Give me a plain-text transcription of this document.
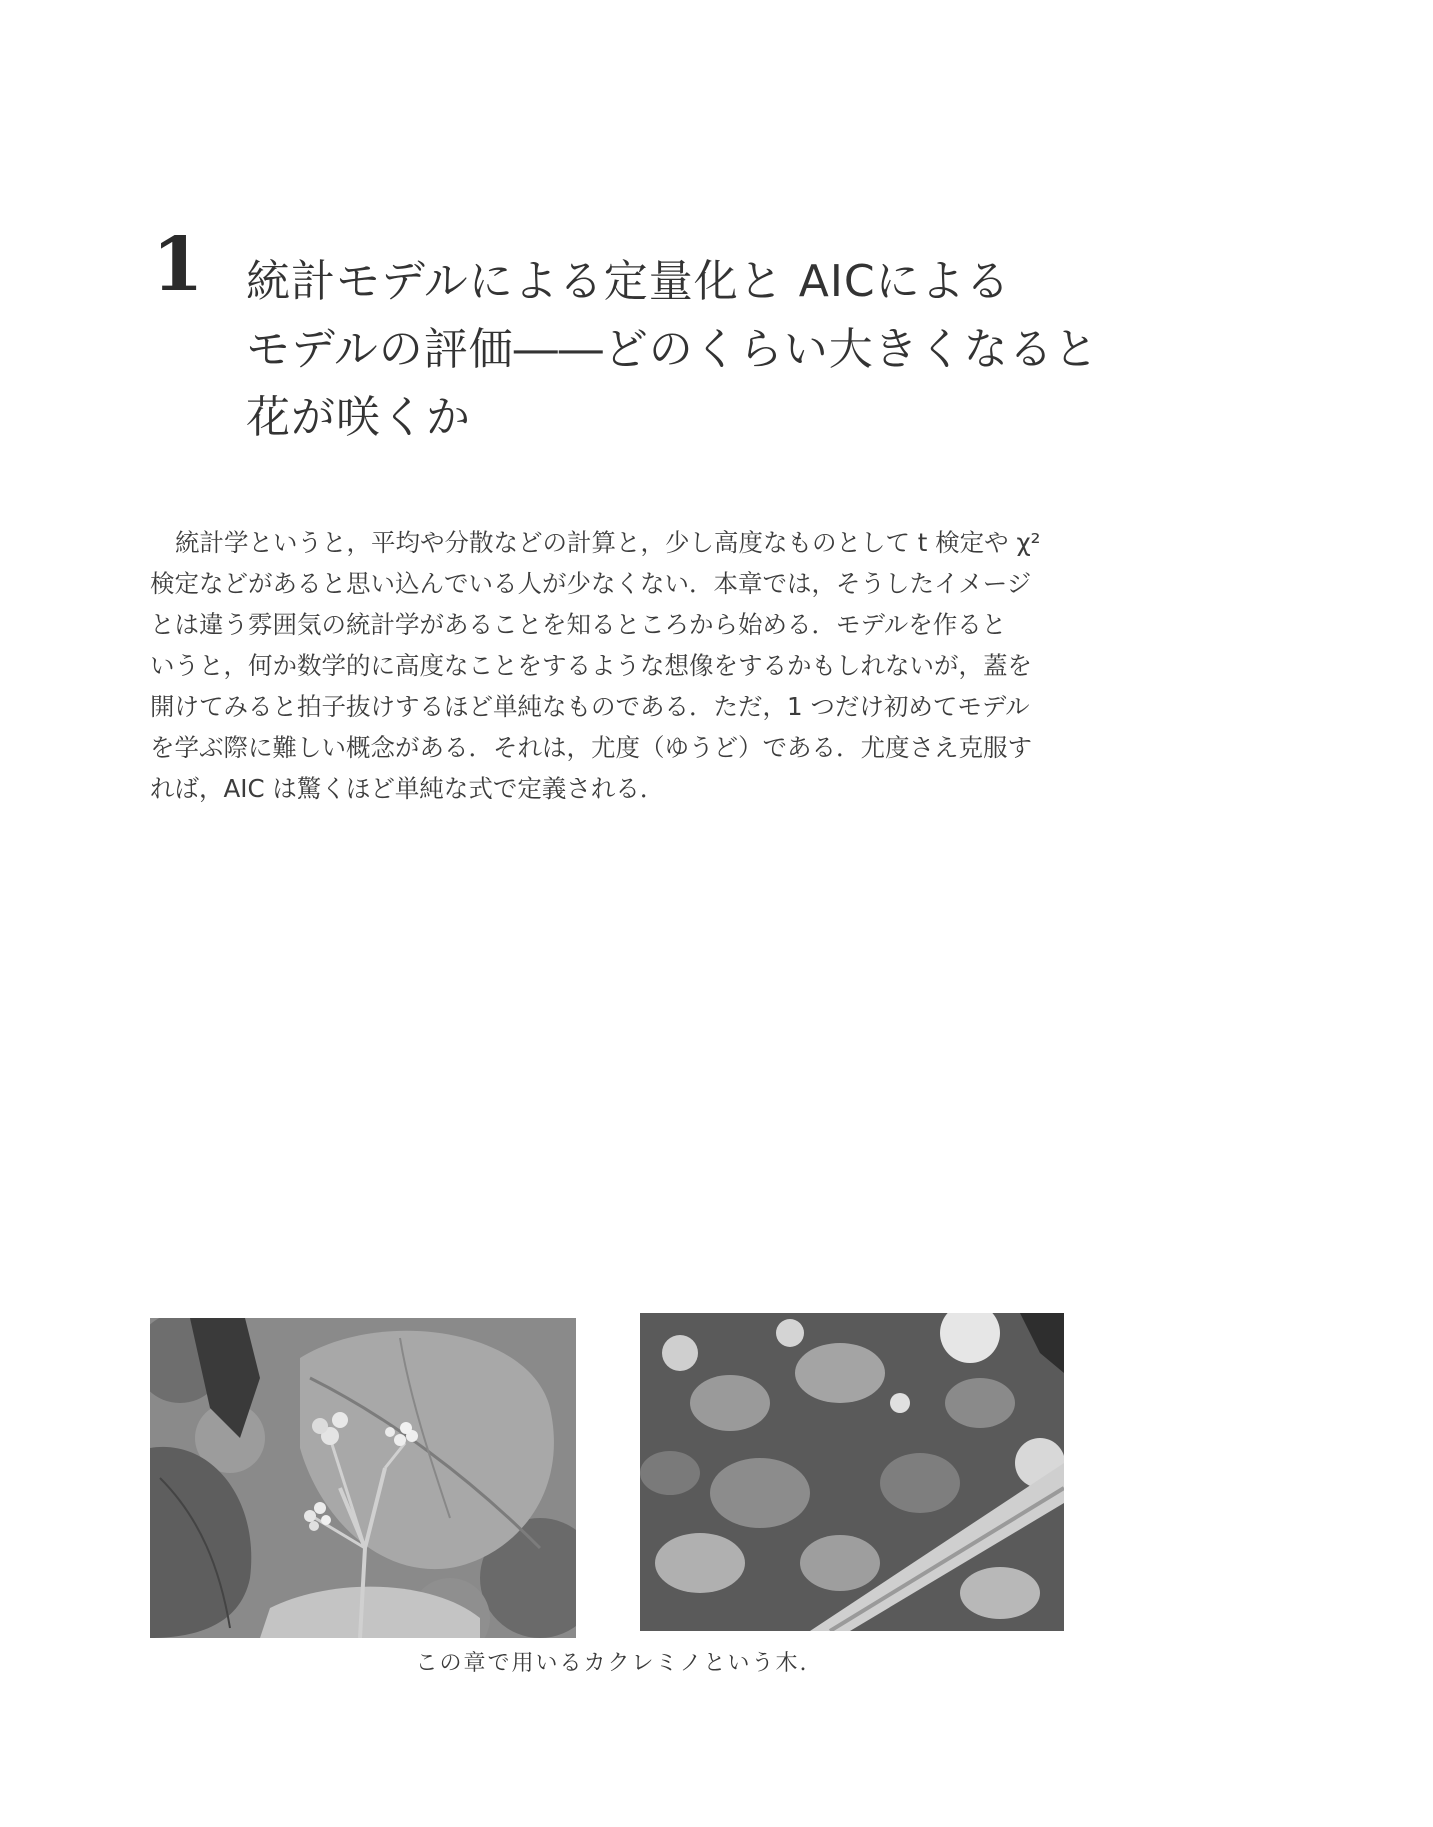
1 統計モデルによる定量化と AICによる
モデルの評価――どのくらい大きくなると
花が咲くか

統計学というと，平均や分散などの計算と，少し高度なものとして t 検定や χ²
検定などがあると思い込んでいる人が少なくない．本章では，そうしたイメージ
とは違う雰囲気の統計学があることを知るところから始める．モデルを作ると
いうと，何か数学的に高度なことをするような想像をするかもしれないが，蓋を
開けてみると拍子抜けするほど単純なものである．ただ，1 つだけ初めてモデル
を学ぶ際に難しい概念がある．それは，尤度（ゆうど）である．尤度さえ克服す
れば，AIC は驚くほど単純な式で定義される．

この章で用いるカクレミノという木.
